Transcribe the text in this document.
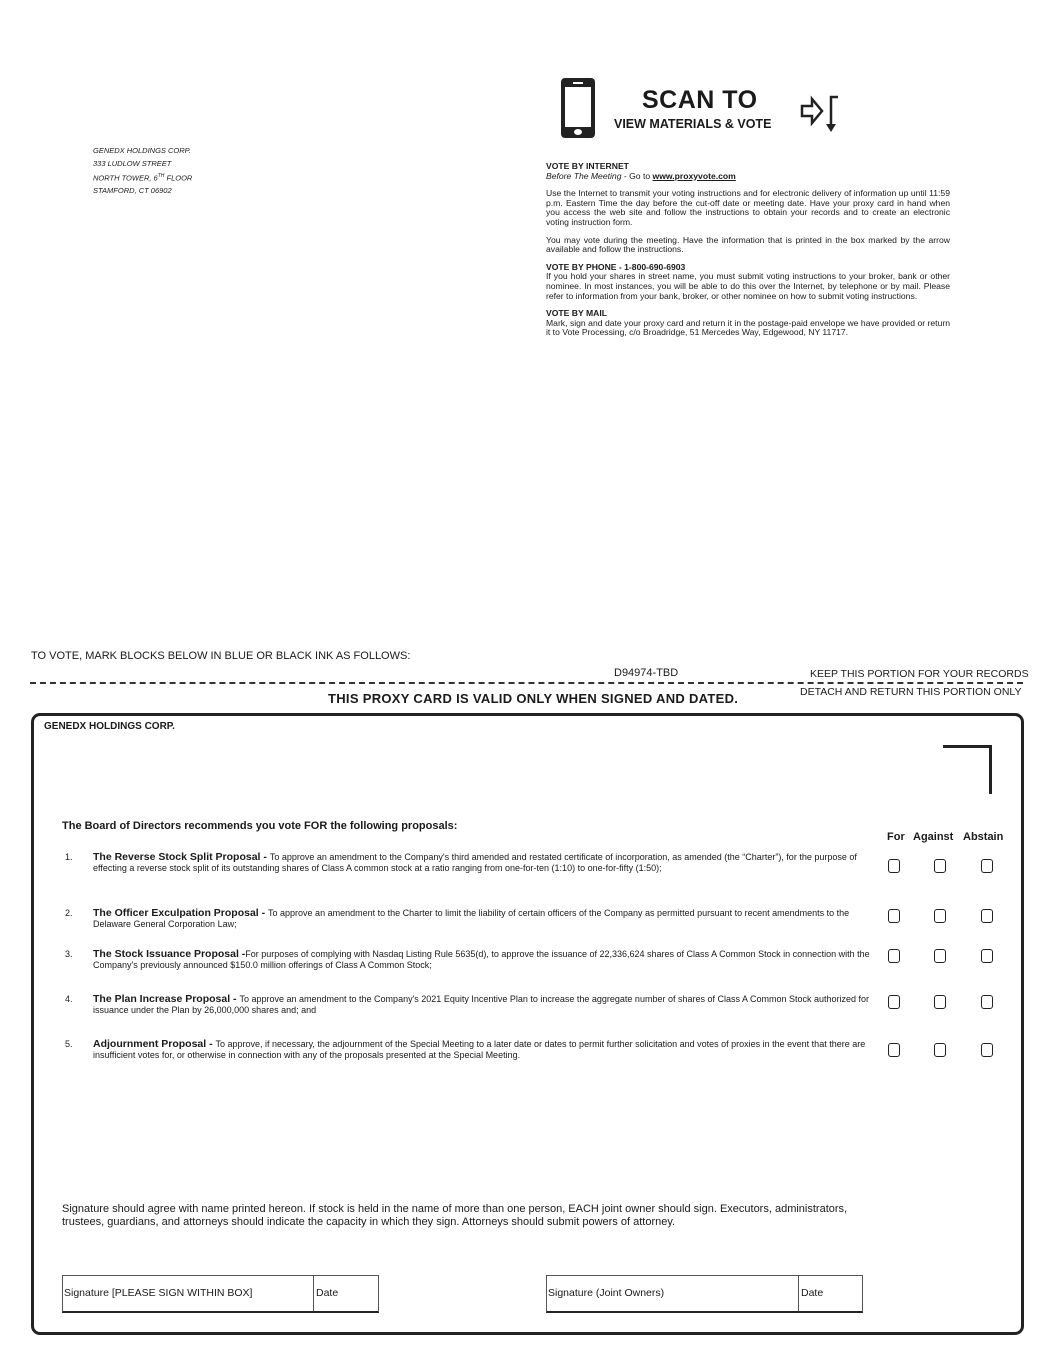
GENEDX HOLDINGS CORP.
333 LUDLOW STREET
NORTH TOWER, 6TH FLOOR
STAMFORD, CT 06902
SCAN TO
VIEW MATERIALS & VOTE
VOTE BY INTERNET

Before The Meeting - Go to www.proxyvote.com

Use the Internet to transmit your voting instructions and for electronic delivery of information up until 11:59 p.m. Eastern Time the day before the cut-off date or meeting date. Have your proxy card in hand when you access the web site and follow the instructions to obtain your records and to create an electronic voting instruction form.

You may vote during the meeting. Have the information that is printed in the box marked by the arrow available and follow the instructions.

VOTE BY PHONE - 1-800-690-6903

If you hold your shares in street name, you must submit voting instructions to your broker, bank or other nominee. In most instances, you will be able to do this over the Internet, by telephone or by mail. Please refer to information from your bank, broker, or other nominee on how to submit voting instructions.

VOTE BY MAIL

Mark, sign and date your proxy card and return it in the postage-paid envelope we have provided or return it to Vote Processing, c/o Broadridge, 51 Mercedes Way, Edgewood, NY 11717.

TO VOTE, MARK BLOCKS BELOW IN BLUE OR BLACK INK AS FOLLOWS:
D94974-TBD	KEEP THIS PORTION FOR YOUR RECORDS
DETACH AND RETURN THIS PORTION ONLY
THIS PROXY CARD IS VALID ONLY WHEN SIGNED AND DATED.
GENEDX HOLDINGS CORP.
The Board of Directors recommends you vote FOR the following proposals:
For Against Abstain
1. The Reverse Stock Split Proposal - To approve an amendment to the Company's third amended and restated certificate of incorporation, as amended (the “Charter”), for the purpose of effecting a reverse stock split of its outstanding shares of Class A common stock at a ratio ranging from one-for-ten (1:10) to one-for-fifty (1:50);
2. The Officer Exculpation Proposal - To approve an amendment to the Charter to limit the liability of certain officers of the Company as permitted pursuant to recent amendments to the Delaware General Corporation Law;
3. The Stock Issuance Proposal -For purposes of complying with Nasdaq Listing Rule 5635(d), to approve the issuance of 22,336,624 shares of Class A Common Stock in connection with the Company's previously announced $150.0 million offerings of Class A Common Stock;
4. The Plan Increase Proposal - To approve an amendment to the Company's 2021 Equity Incentive Plan to increase the aggregate number of shares of Class A Common Stock authorized for issuance under the Plan by 26,000,000 shares and; and
5. Adjournment Proposal - To approve, if necessary, the adjournment of the Special Meeting to a later date or dates to permit further solicitation and votes of proxies in the event that there are insufficient votes for, or otherwise in connection with any of the proposals presented at the Special Meeting.
Signature should agree with name printed hereon. If stock is held in the name of more than one person, EACH joint owner should sign. Executors, administrators, trustees, guardians, and attorneys should indicate the capacity in which they sign. Attorneys should submit powers of attorney.
Signature [PLEASE SIGN WITHIN BOX]	Date	Signature (Joint Owners)	Date
